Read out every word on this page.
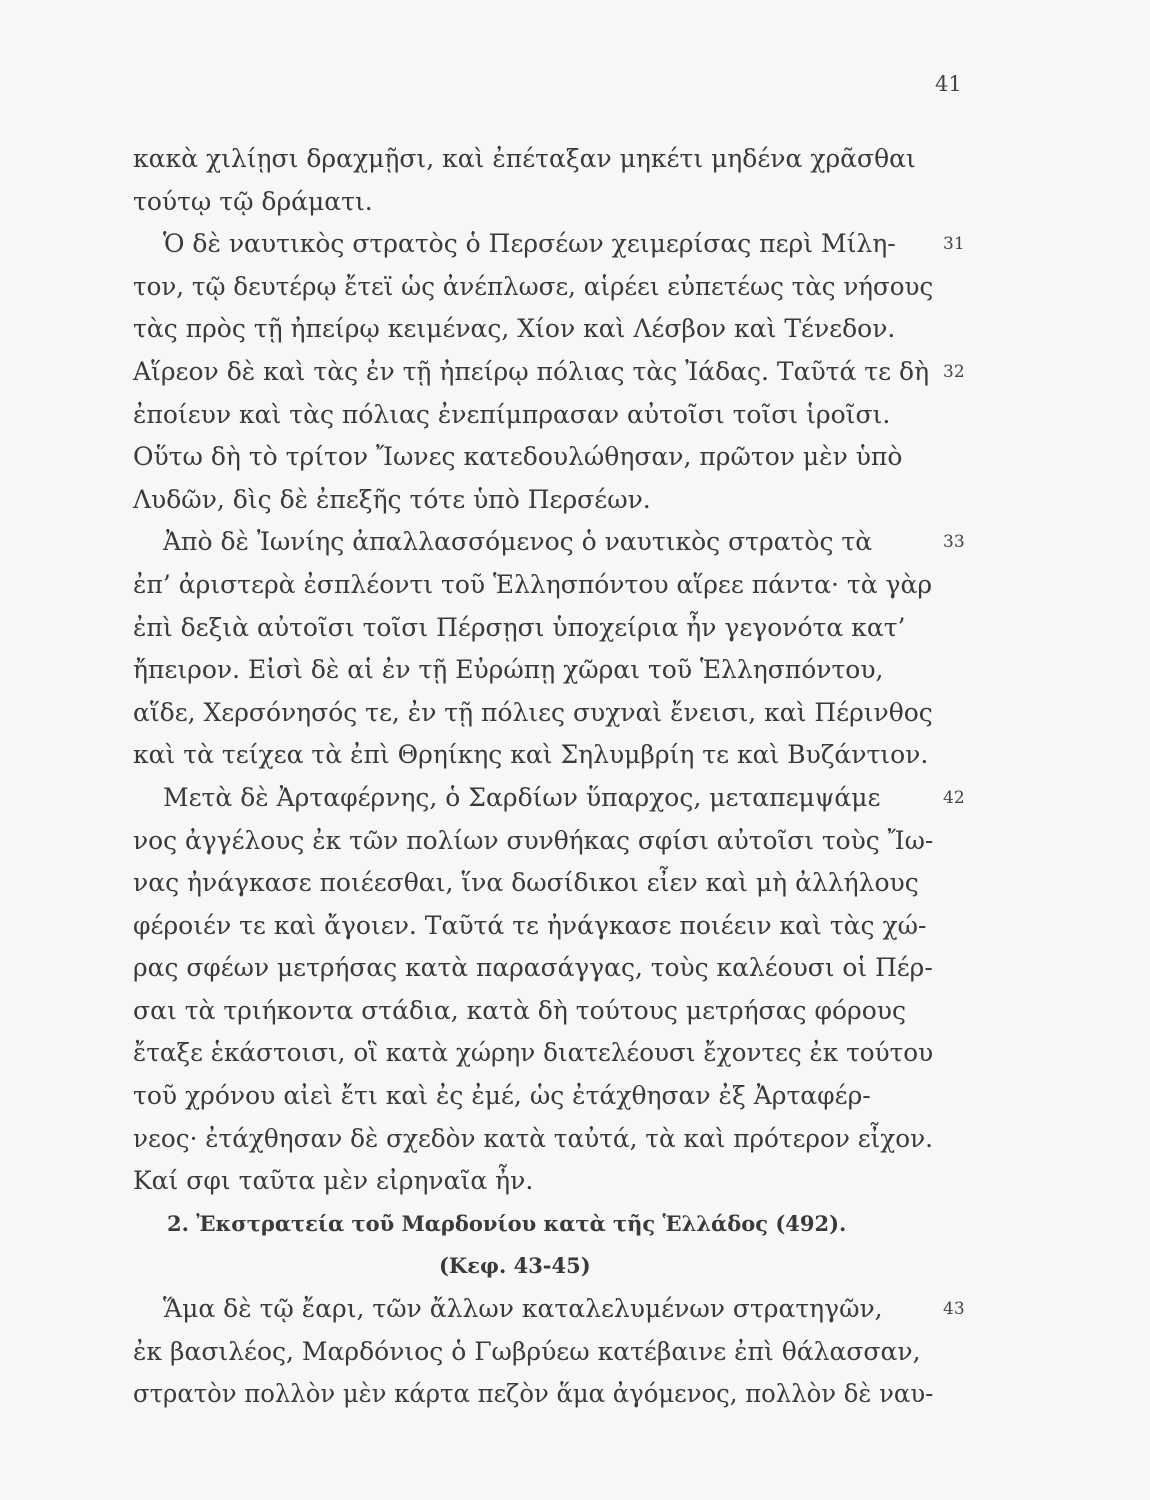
41
κακὰ χιλίῃσι δραχμῇσι, καὶ ἐπέταξαν μηκέτι μηδένα χρᾶσθαι
τούτῳ τῷ δράματι.
Ὁ δὲ ναυτικὸς στρατὸς ὁ Περσέων χειμερίσας περὶ Μίλη-	31
τον, τῷ δευτέρῳ ἔτεϊ ὡς ἀνέπλωσε, αἱρέει εὐπετέως τὰς νήσους
τὰς πρὸς τῇ ἠπείρῳ κειμένας, Χίον καὶ Λέσβον καὶ Τένεδον.
Αἵρεον δὲ καὶ τὰς ἐν τῇ ἠπείρῳ πόλιας τὰς Ἰάδας. Ταῦτά τε δὴ 32
ἐποίευν καὶ τὰς πόλιας ἐνεπίμπρασαν αὐτοῖσι τοῖσι ἱροῖσι.
Οὕτω δὴ τὸ τρίτον Ἴωνες κατεδουλώθησαν, πρῶτον μὲν ὑπὸ
Λυδῶν, δὶς δὲ ἐπεξῆς τότε ὑπὸ Περσέων.
Ἀπὸ δὲ Ἰωνίης ἀπαλλασσόμενος ὁ ναυτικὸς στρατὸς τὰ	33
ἐπ’ ἀριστερὰ ἐσπλέοντι τοῦ Ἑλλησπόντου αἵρεε πάντα· τὰ γὰρ
ἐπὶ δεξιὰ αὐτοῖσι τοῖσι Πέρσῃσι ὑποχείρια ἦν γεγονότα κατ’
ἤπειρον. Εἰσὶ δὲ αἱ ἐν τῇ Εὐρώπῃ χῶραι τοῦ Ἑλλησπόντου,
αἵδε, Χερσόνησός τε, ἐν τῇ πόλιες συχναὶ ἔνεισι, καὶ Πέρινθος
καὶ τὰ τείχεα τὰ ἐπὶ Θρηίκης καὶ Σηλυμβρίη τε καὶ Βυζάντιον.
Μετὰ δὲ Ἀρταφέρνης, ὁ Σαρδίων ὕπαρχος, μεταπεμψάμε	42
νος ἀγγέλους ἐκ τῶν πολίων συνθήκας σφίσι αὐτοῖσι τοὺς Ἴω-
νας ἠνάγκασε ποιέεσθαι, ἵνα δωσίδικοι εἶεν καὶ μὴ ἀλλήλους
φέροιέν τε καὶ ἄγοιεν. Ταῦτά τε ἠνάγκασε ποιέειν καὶ τὰς χώ-
ρας σφέων μετρήσας κατὰ παρασάγγας, τοὺς καλέουσι οἱ Πέρ-
σαι τὰ τριήκοντα στάδια, κατὰ δὴ τούτους μετρήσας φόρους
ἔταξε ἑκάστοισι, οἳ κατὰ χώρην διατελέουσι ἔχοντες ἐκ τούτου
τοῦ χρόνου αἰεὶ ἔτι καὶ ἐς ἐμέ, ὡς ἐτάχθησαν ἐξ Ἀρταφέρ-
νεος· ἐτάχθησαν δὲ σχεδὸν κατὰ ταὐτά, τὰ καὶ πρότερον εἶχον.
Καί σφι ταῦτα μὲν εἰρηναῖα ἦν.
2. Ἐκστρατεία τοῦ Μαρδονίου κατὰ τῆς Ἑλλάδος (492).
(Κεφ. 43-45)
Ἅμα δὲ τῷ ἔαρι, τῶν ἄλλων καταλελυμένων στρατηγῶν,	43
ἐκ βασιλέος, Μαρδόνιος ὁ Γωβρύεω κατέβαινε ἐπὶ θάλασσαν,
στρατὸν πολλὸν μὲν κάρτα πεζὸν ἅμα ἀγόμενος, πολλὸν δὲ ναυ-
